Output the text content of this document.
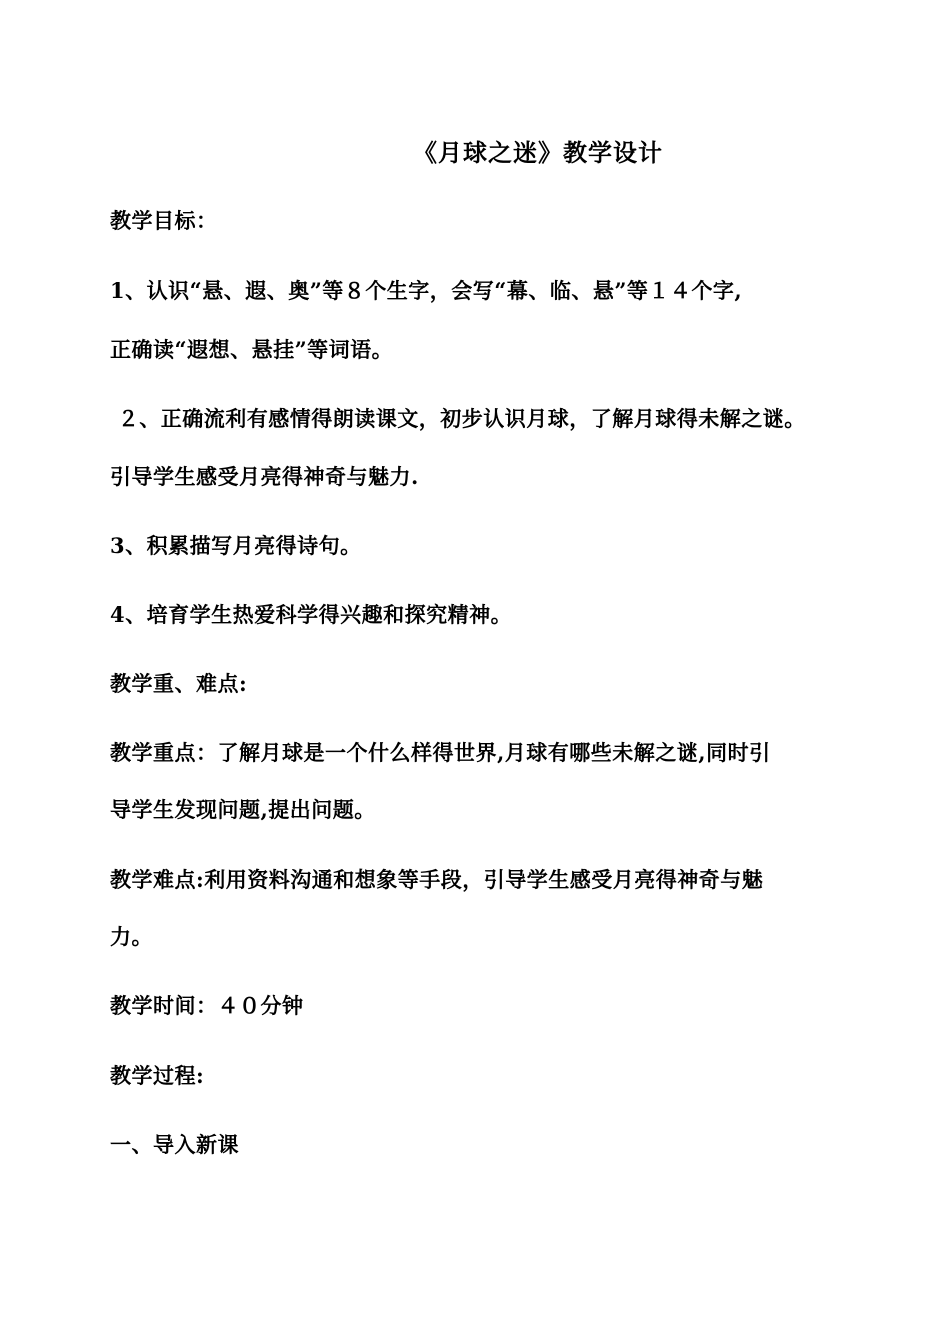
《月球之迷》教学设计
教学目标：
1、认识“悬、遐、奥”等８个生字，会写“幕、临、悬”等１４个字,
正确读“遐想、悬挂”等词语。
２、正确流利有感情得朗读课文，初步认识月球，了解月球得未解之谜。
引导学生感受月亮得神奇与魅力.
3、积累描写月亮得诗句。
4、培育学生热爱科学得兴趣和探究精神。
教学重、难点:
教学重点：了解月球是一个什么样得世界,月球有哪些未解之谜,同时引
导学生发现问题,提出问题。
教学难点:利用资料沟通和想象等手段，引导学生感受月亮得神奇与魅
力。
教学时间：４０分钟
教学过程:
一、导入新课
